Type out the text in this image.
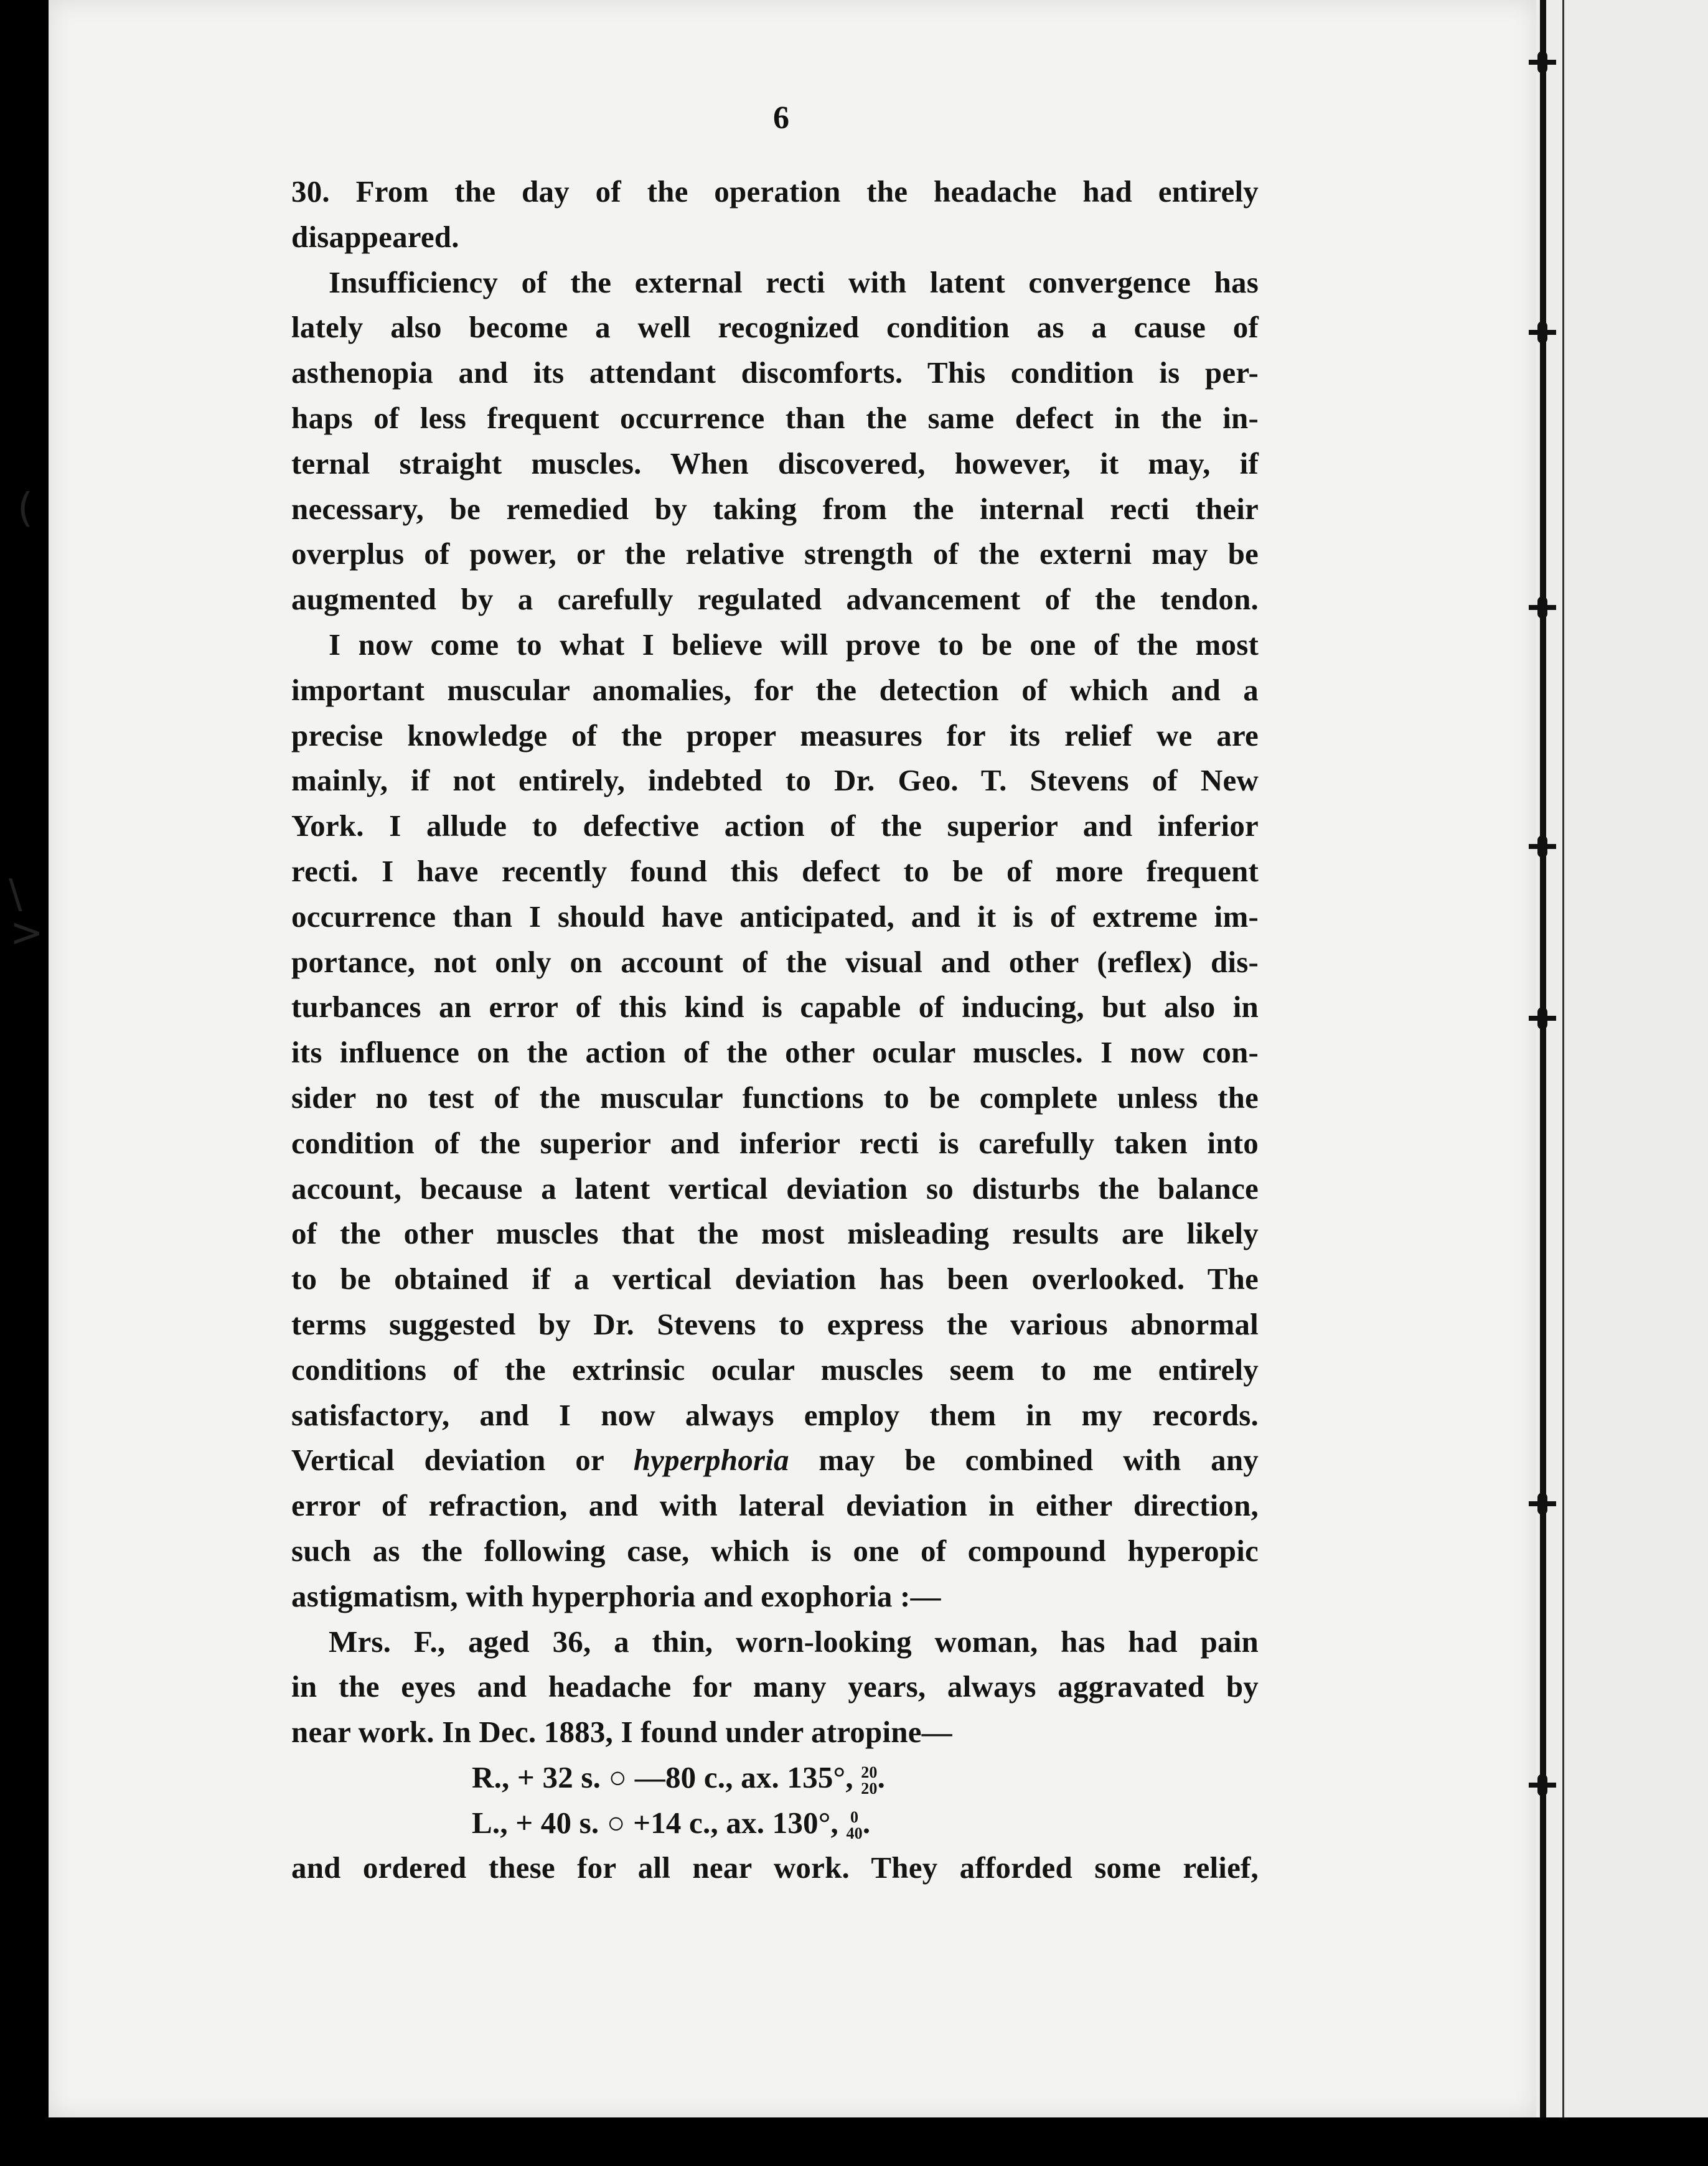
(
\
>
6
30. From the day of the operation the headache had entirely
disappeared.
Insufficiency of the external recti with latent convergence has
lately also become a well recognized condition as a cause of
asthenopia and its attendant discomforts. This condition is per-
haps of less frequent occurrence than the same defect in the in-
ternal straight muscles. When discovered, however, it may, if
necessary, be remedied by taking from the internal recti their
overplus of power, or the relative strength of the externi may be
augmented by a carefully regulated advancement of the tendon.
I now come to what I believe will prove to be one of the most
important muscular anomalies, for the detection of which and a
precise knowledge of the proper measures for its relief we are
mainly, if not entirely, indebted to Dr. Geo. T. Stevens of New
York. I allude to defective action of the superior and inferior
recti. I have recently found this defect to be of more frequent
occurrence than I should have anticipated, and it is of extreme im-
portance, not only on account of the visual and other (reflex) dis-
turbances an error of this kind is capable of inducing, but also in
its influence on the action of the other ocular muscles. I now con-
sider no test of the muscular functions to be complete unless the
condition of the superior and inferior recti is carefully taken into
account, because a latent vertical deviation so disturbs the balance
of the other muscles that the most misleading results are likely
to be obtained if a vertical deviation has been overlooked. The
terms suggested by Dr. Stevens to express the various abnormal
conditions of the extrinsic ocular muscles seem to me entirely
satisfactory, and I now always employ them in my records.
Vertical deviation or hyperphoria may be combined with any
error of refraction, and with lateral deviation in either direction,
such as the following case, which is one of compound hyperopic
astigmatism, with hyperphoria and exophoria :—
Mrs. F., aged 36, a thin, worn-looking woman, has had pain
in the eyes and headache for many years, always aggravated by
near work. In Dec. 1883, I found under atropine—
R., + 32 s. ○ —80 c., ax. 135°, 20
20 .
L., + 40 s. ○ +14 c., ax. 130°, 0
40 .
and ordered these for all near work. They afforded some relief,
